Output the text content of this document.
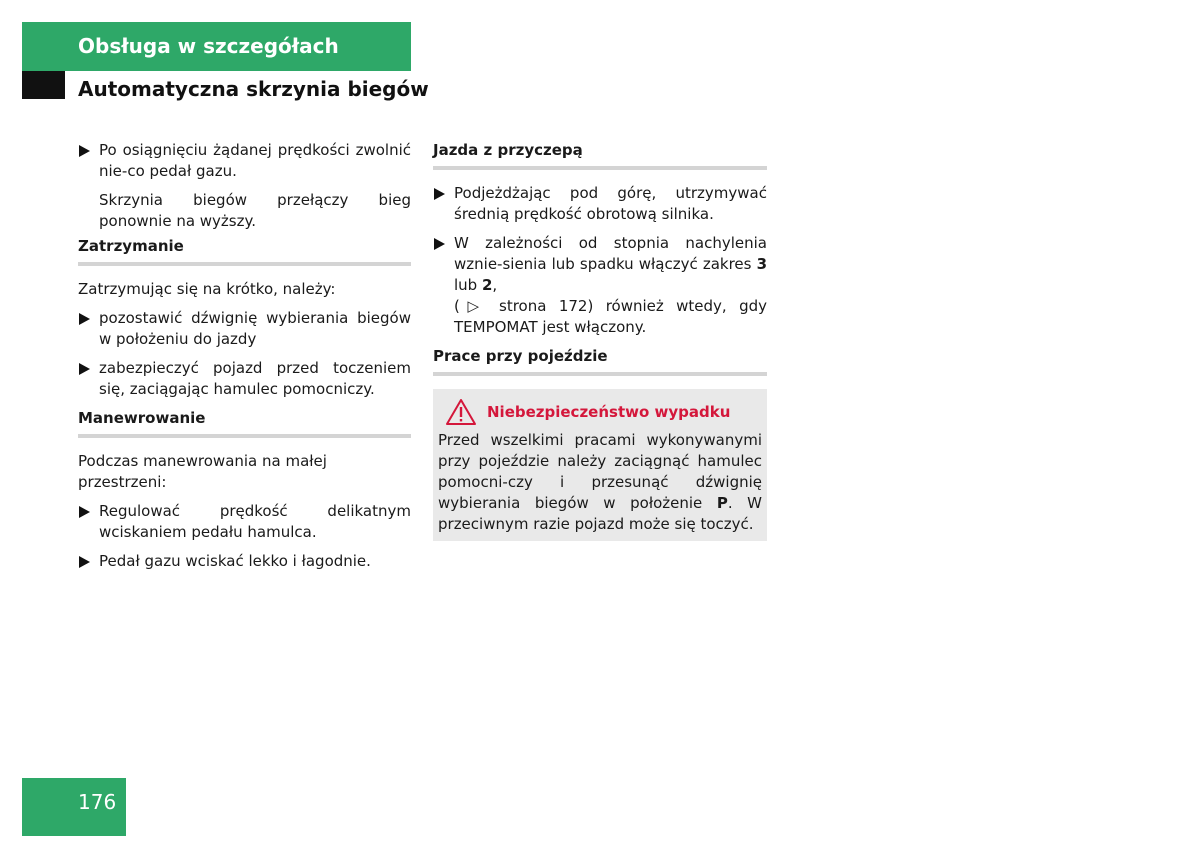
Obsługa w szczegółach
Automatyczna skrzynia biegów
Po osiągnięciu żądanej prędkości zwolnić nie-co pedał gazu.
Skrzynia biegów przełączy bieg ponownie na wyższy.
Zatrzymanie
Zatrzymując się na krótko, należy:
pozostawić dźwignię wybierania biegów w położeniu do jazdy
zabezpieczyć pojazd przed toczeniem się, zaciągając hamulec pomocniczy.
Manewrowanie
Podczas manewrowania na małej przestrzeni:
Regulować prędkość delikatnym wciskaniem pedału hamulca.
Pedał gazu wciskać lekko i łagodnie.
Jazda z przyczepą
Podjeżdżając pod górę, utrzymywać średnią prędkość obrotową silnika.
W zależności od stopnia nachylenia wznie-sienia lub spadku włączyć zakres 3 lub 2,
(▷ strona 172) również wtedy, gdy TEMPOMAT jest włączony.
Prace przy pojeździe
Niebezpieczeństwo wypadku
Przed wszelkimi pracami wykonywanymi przy pojeździe należy zaciągnąć hamulec pomocni-czy i przesunąć dźwignię wybierania biegów w położenie P. W przeciwnym razie pojazd może się toczyć.
176
